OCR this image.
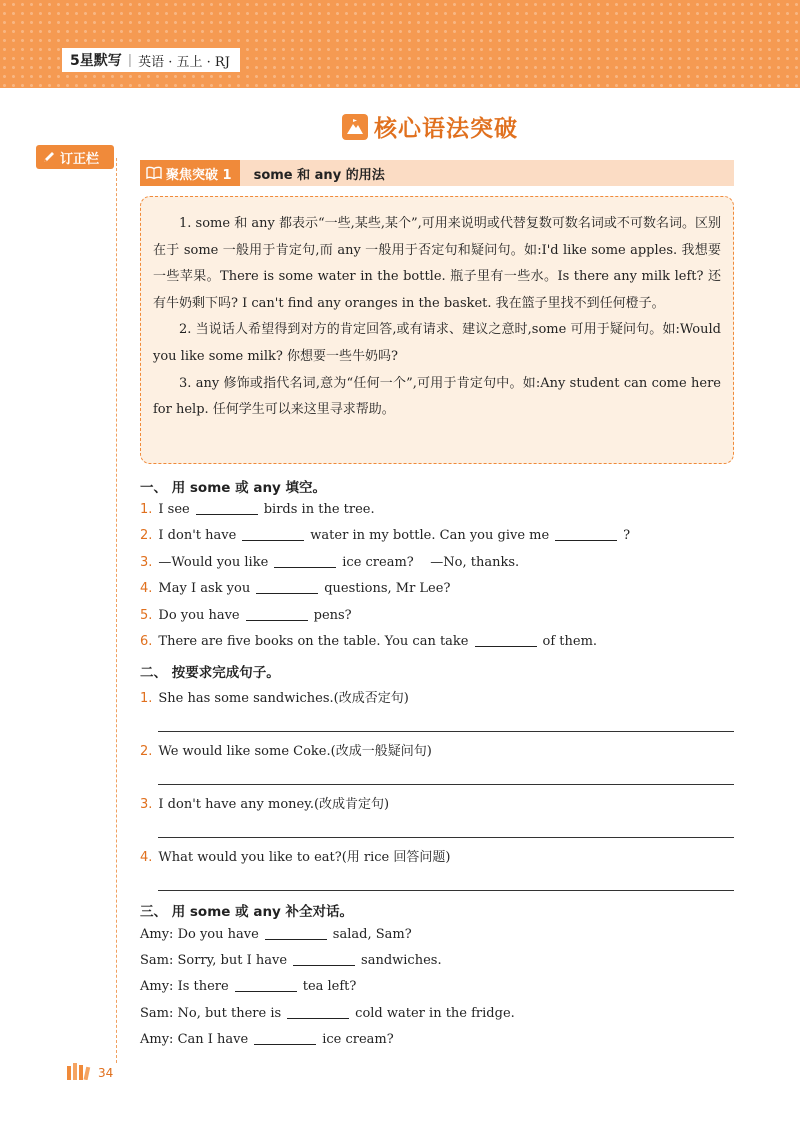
5星默写 | 英语 · 五上 · RJ
核心语法突破
订正栏
聚焦突破 1 some 和 any 的用法

1. some 和 any 都表示“一些,某些,某个”,可用来说明或代替复数可数名词或不可数名词。区别在于 some 一般用于肯定句,而 any 一般用于否定句和疑问句。如:I'd like some apples. 我想要一些苹果。There is some water in the bottle. 瓶子里有一些水。Is there any milk left? 还有牛奶剩下吗? I can't find any oranges in the basket. 我在篮子里找不到任何橙子。

2. 当说话人希望得到对方的肯定回答,或有请求、建议之意时,some 可用于疑问句。如:Would you like some milk? 你想要一些牛奶吗?

3. any 修饰或指代名词,意为“任何一个”,可用于肯定句中。如:Any student can come here for help. 任何学生可以来这里寻求帮助。

一、 用 some 或 any 填空。
1. I see	birds in the tree.
2. I don't have	water in my bottle. Can you give me	?
3. —Would you like	ice cream?    —No, thanks.
4. May I ask you	questions, Mr Lee?
5. Do you have	pens?
6. There are five books on the table. You can take	of them.
二、 按要求完成句子。
1. She has some sandwiches.(改成否定句)
2. We would like some Coke.(改成一般疑问句)
3. I don't have any money.(改成肯定句)
4. What would you like to eat?(用 rice 回答问题)
三、 用 some 或 any 补全对话。
Amy: Do you have	salad, Sam?
Sam: Sorry, but I have	sandwiches.
Amy: Is there	tea left?
Sam: No, but there is	cold water in the fridge.
Amy: Can I have	ice cream?
34
